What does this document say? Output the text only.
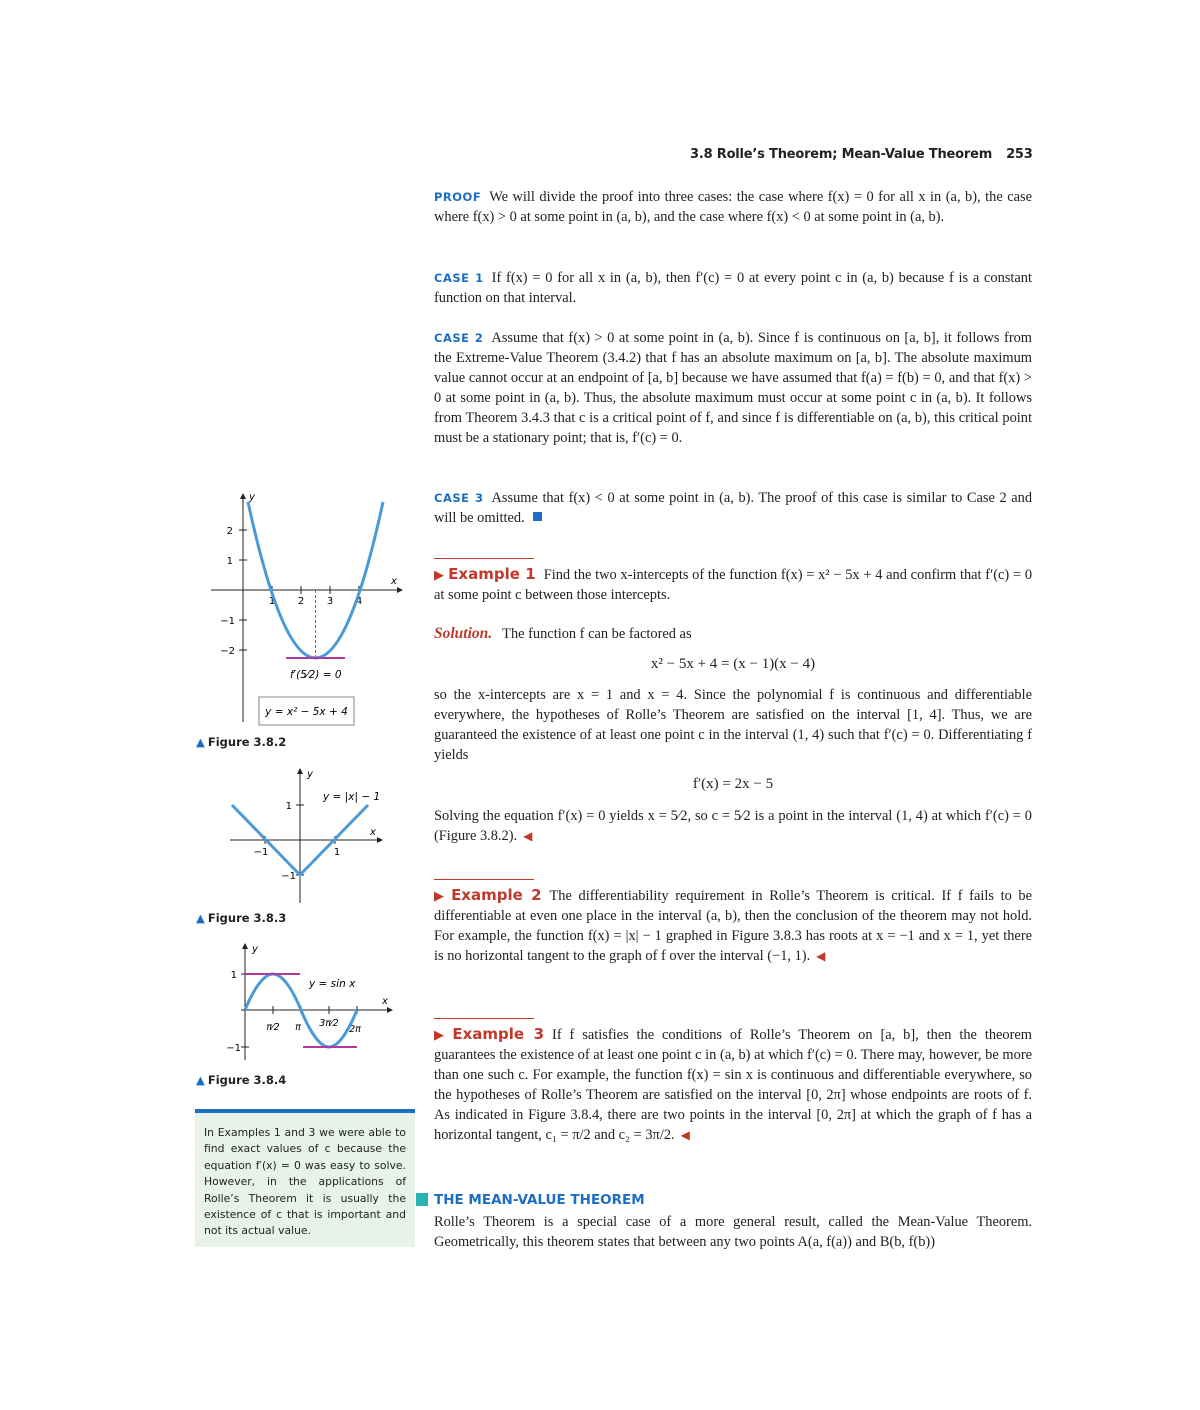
3.8 Rolle’s Theorem; Mean-Value Theorem 253
PROOF We will divide the proof into three cases: the case where f(x) = 0 for all x in (a, b), the case where f(x) > 0 at some point in (a, b), and the case where f(x) < 0 at some point in (a, b).
CASE 1 If f(x) = 0 for all x in (a, b), then f′(c) = 0 at every point c in (a, b) because f is a constant function on that interval.
CASE 2 Assume that f(x) > 0 at some point in (a, b). Since f is continuous on [a, b], it follows from the Extreme-Value Theorem (3.4.2) that f has an absolute maximum on [a, b]. The absolute maximum value cannot occur at an endpoint of [a, b] because we have assumed that f(a) = f(b) = 0, and that f(x) > 0 at some point in (a, b). Thus, the absolute maximum must occur at some point c in (a, b). It follows from Theorem 3.4.3 that c is a critical point of f, and since f is differentiable on (a, b), this critical point must be a stationary point; that is, f′(c) = 0.
CASE 3 Assume that f(x) < 0 at some point in (a, b). The proof of this case is similar to Case 2 and will be omitted.
▶ Example 1 Find the two x-intercepts of the function f(x) = x² − 5x + 4 and confirm that f′(c) = 0 at some point c between those intercepts.
Solution. The function f can be factored as
x² − 5x + 4 = (x − 1)(x − 4)
so the x-intercepts are x = 1 and x = 4. Since the polynomial f is continuous and differentiable everywhere, the hypotheses of Rolle’s Theorem are satisfied on the interval [1, 4]. Thus, we are guaranteed the existence of at least one point c in the interval (1, 4) such that f′(c) = 0. Differentiating f yields
f′(x) = 2x − 5
Solving the equation f′(x) = 0 yields x = 5⁄2, so c = 5⁄2 is a point in the interval (1, 4) at which f′(c) = 0 (Figure 3.8.2). ◀
▶ Example 2 The differentiability requirement in Rolle’s Theorem is critical. If f fails to be differentiable at even one place in the interval (a, b), then the conclusion of the theorem may not hold. For example, the function f(x) = |x| − 1 graphed in Figure 3.8.3 has roots at x = −1 and x = 1, yet there is no horizontal tangent to the graph of f over the interval (−1, 1). ◀
▶ Example 3 If f satisfies the conditions of Rolle’s Theorem on [a, b], then the theorem guarantees the existence of at least one point c in (a, b) at which f′(c) = 0. There may, however, be more than one such c. For example, the function f(x) = sin x is continuous and differentiable everywhere, so the hypotheses of Rolle’s Theorem are satisfied on the interval [0, 2π] whose endpoints are roots of f. As indicated in Figure 3.8.4, there are two points in the interval [0, 2π] at which the graph of f has a horizontal tangent, c₁ = π/2 and c₂ = 3π/2. ◀
THE MEAN-VALUE THEOREM
Rolle’s Theorem is a special case of a more general result, called the Mean-Value Theorem. Geometrically, this theorem states that between any two points A(a, f(a)) and B(b, f(b))
y
x
2
1
−1
−2
1 2 3 4
f′(5⁄2) = 0
y = x² − 5x + 4
▲ Figure 3.8.2
y
x
1
−1
−1	1
y = |x| − 1
▲ Figure 3.8.3
y
x
1
−1
π⁄2 π 3π⁄2
2π
y = sin x
▲ Figure 3.8.4

In Examples 1 and 3 we were able to find exact values of c because the equation f′(x) = 0 was easy to solve. However, in the applications of Rolle’s Theorem it is usually the existence of c that is important and not its actual value.
